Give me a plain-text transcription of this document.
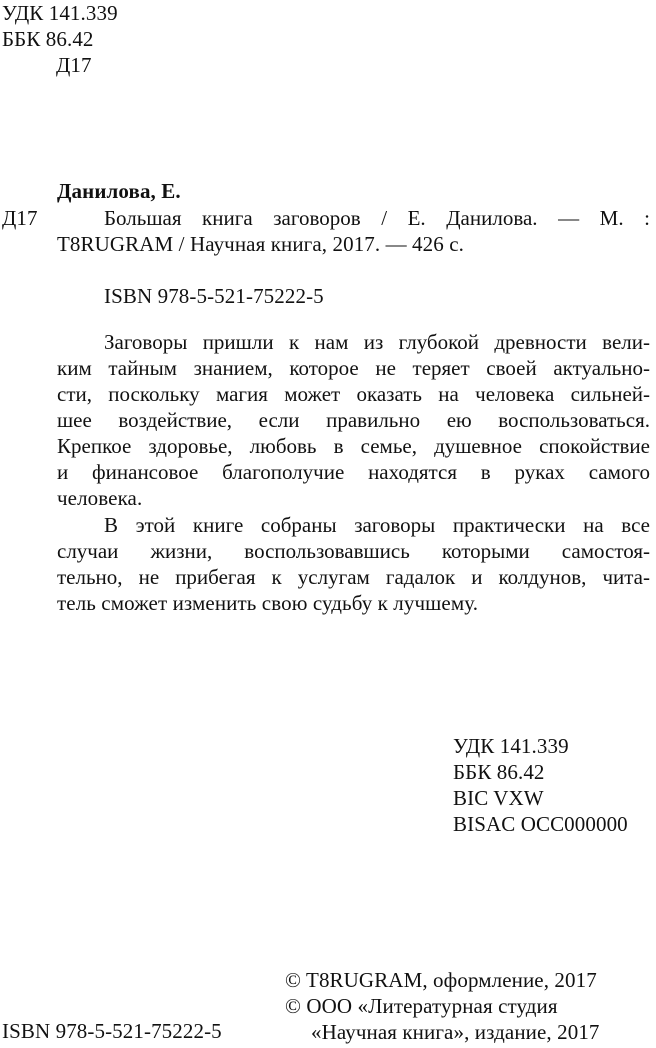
УДК 141.339
ББК 86.42
Д17
Данилова, Е.
Д17	Большая книга заговоров / Е. Данилова. — М. :
T8RUGRAM / Научная книга, 2017. — 426 с.
ISBN 978-5-521-75222-5
Заговоры пришли к нам из глубокой древности вели-
ким тайным знанием, которое не теряет своей актуально-
сти, поскольку магия может оказать на человека сильней-
шее воздействие, если правильно ею воспользоваться.
Крепкое здоровье, любовь в семье, душевное спокойствие
и финансовое благополучие находятся в руках самого
человека.
В этой книге собраны заговоры практически на все
случаи жизни, воспользовавшись которыми самостоя-
тельно, не прибегая к услугам гадалок и колдунов, чита-
тель сможет изменить свою судьбу к лучшему.
УДК 141.339
ББК 86.42
BIC VXW
BISAC OCC000000
ISBN 978-5-521-75222-5
© T8RUGRAM, оформление, 2017
© ООО «Литературная студия
«Научная книга», издание, 2017
